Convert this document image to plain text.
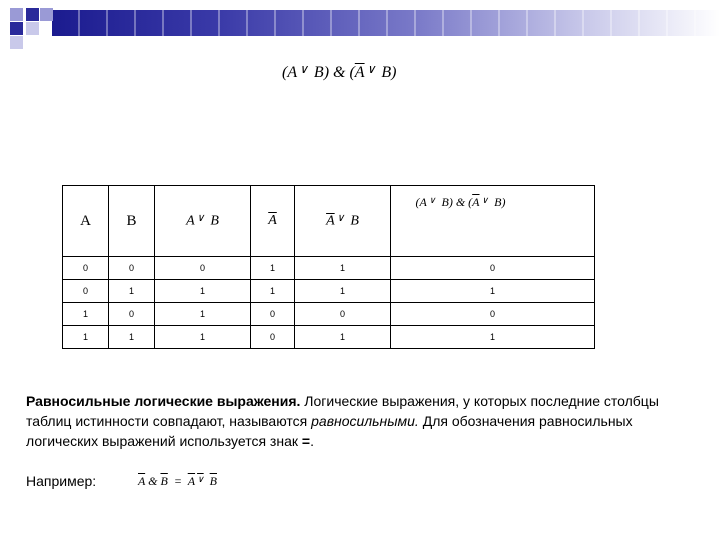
(A ∨ B) & ($\overline{A}$ ∨ B)
A	B	A ∨ B	$\overline{A}$	$\overline{A}$ ∨ B	(A ∨ B) & ($\overline{A}$ ∨ B)
0	0	0	1	1	0
0	1	1	1	1	1
1	0	1	0	0	0
1	1	1	0	1	1
Равносильные логические выражения. Логические выражения, у которых последние столбцы таблиц истинности совпадают, называются равносильными. Для обозначения равносильных логических выражений используется знак =.
Например:	$\overline{A}$ & $\overline{B} = A$ ∨ B
